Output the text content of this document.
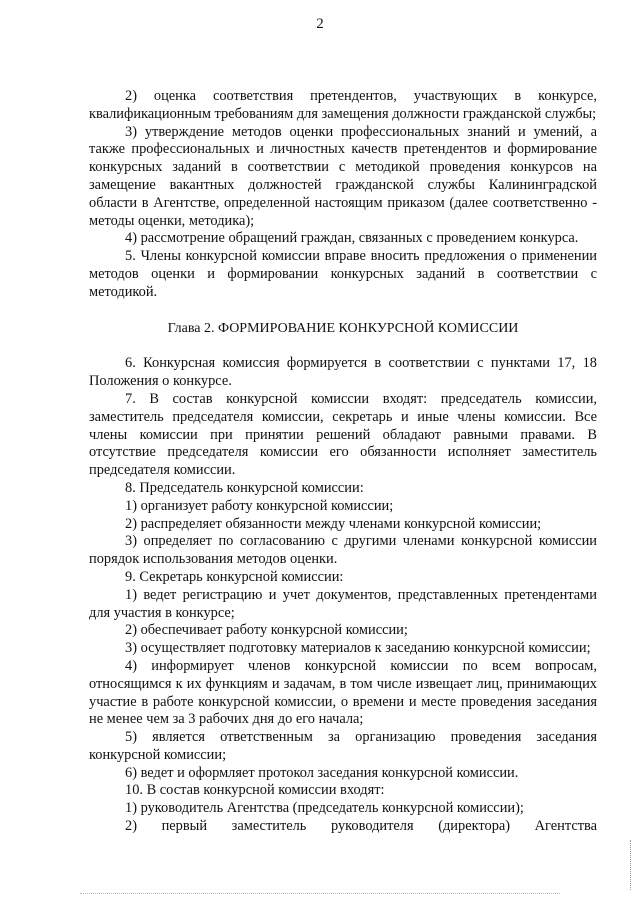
2

2) оценка соответствия претендентов, участвующих в конкурсе, квалификационным требованиям для замещения должности гражданской службы;

3) утверждение методов оценки профессиональных знаний и умений, а также профессиональных и личностных качеств претендентов и формирование конкурсных заданий в соответствии с методикой проведения конкурсов на замещение вакантных должностей гражданской службы Калининградской области в Агентстве, определенной настоящим приказом (далее соответственно - методы оценки, методика);

4) рассмотрение обращений граждан, связанных с проведением конкурса.

5. Члены конкурсной комиссии вправе вносить предложения о применении методов оценки и формировании конкурсных заданий в соответствии с методикой.

Глава 2. ФОРМИРОВАНИЕ КОНКУРСНОЙ КОМИССИИ

6. Конкурсная комиссия формируется в соответствии с пунктами 17, 18 Положения о конкурсе.

7. В состав конкурсной комиссии входят: председатель комиссии, заместитель председателя комиссии, секретарь и иные члены комиссии. Все члены комиссии при принятии решений обладают равными правами. В отсутствие председателя комиссии его обязанности исполняет заместитель председателя комиссии.

8. Председатель конкурсной комиссии:

1) организует работу конкурсной комиссии;

2) распределяет обязанности между членами конкурсной комиссии;

3) определяет по согласованию с другими членами конкурсной комиссии порядок использования методов оценки.

9. Секретарь конкурсной комиссии:

1) ведет регистрацию и учет документов, представленных претендентами для участия в конкурсе;

2) обеспечивает работу конкурсной комиссии;

3) осуществляет подготовку материалов к заседанию конкурсной комиссии;

4) информирует членов конкурсной комиссии по всем вопросам, относящимся к их функциям и задачам, в том числе извещает лиц, принимающих участие в работе конкурсной комиссии, о времени и месте проведения заседания не менее чем за 3 рабочих дня до его начала;

5) является ответственным за организацию проведения заседания конкурсной комиссии;

6) ведет и оформляет протокол заседания конкурсной комиссии.

10. В состав конкурсной комиссии входят:

1) руководитель Агентства (председатель конкурсной комиссии);

2) первый заместитель руководителя (директора) Агентства
